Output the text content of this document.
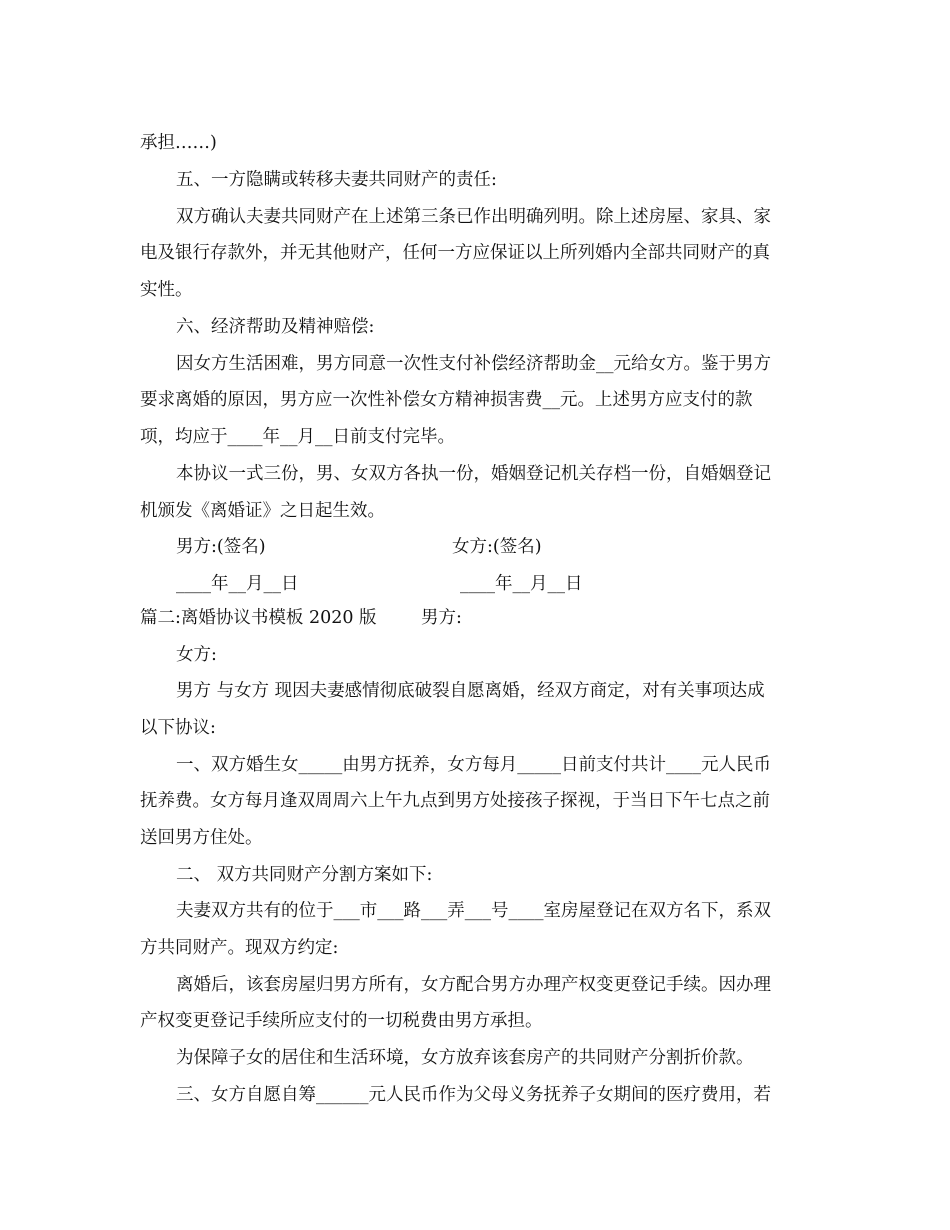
承担……)
五、一方隐瞒或转移夫妻共同财产的责任:
双方确认夫妻共同财产在上述第三条已作出明确列明。除上述房屋、家具、家
电及银行存款外，并无其他财产，任何一方应保证以上所列婚内全部共同财产的真
实性。
六、经济帮助及精神赔偿:
因女方生活困难，男方同意一次性支付补偿经济帮助金__元给女方。鉴于男方
要求离婚的原因，男方应一次性补偿女方精神损害费__元。上述男方应支付的款
项，均应于____年__月__日前支付完毕。
本协议一式三份，男、女双方各执一份，婚姻登记机关存档一份，自婚姻登记
机颁发《离婚证》之日起生效。
男方:(签名)	女方:(签名)
____年__月__日	____年__月__日
篇二:离婚协议书模板 2020 版        男方:
女方:
男方 与女方 现因夫妻感情彻底破裂自愿离婚，经双方商定，对有关事项达成
以下协议:
一、双方婚生女_____由男方抚养，女方每月_____日前支付共计____元人民币
抚养费。女方每月逢双周周六上午九点到男方处接孩子探视，于当日下午七点之前
送回男方住处。
二、 双方共同财产分割方案如下:
夫妻双方共有的位于___市___路___弄___号____室房屋登记在双方名下，系双
方共同财产。现双方约定:
离婚后，该套房屋归男方所有，女方配合男方办理产权变更登记手续。因办理
产权变更登记手续所应支付的一切税费由男方承担。
为保障子女的居住和生活环境，女方放弃该套房产的共同财产分割折价款。
三、女方自愿自筹______元人民币作为父母义务抚养子女期间的医疗费用，若
